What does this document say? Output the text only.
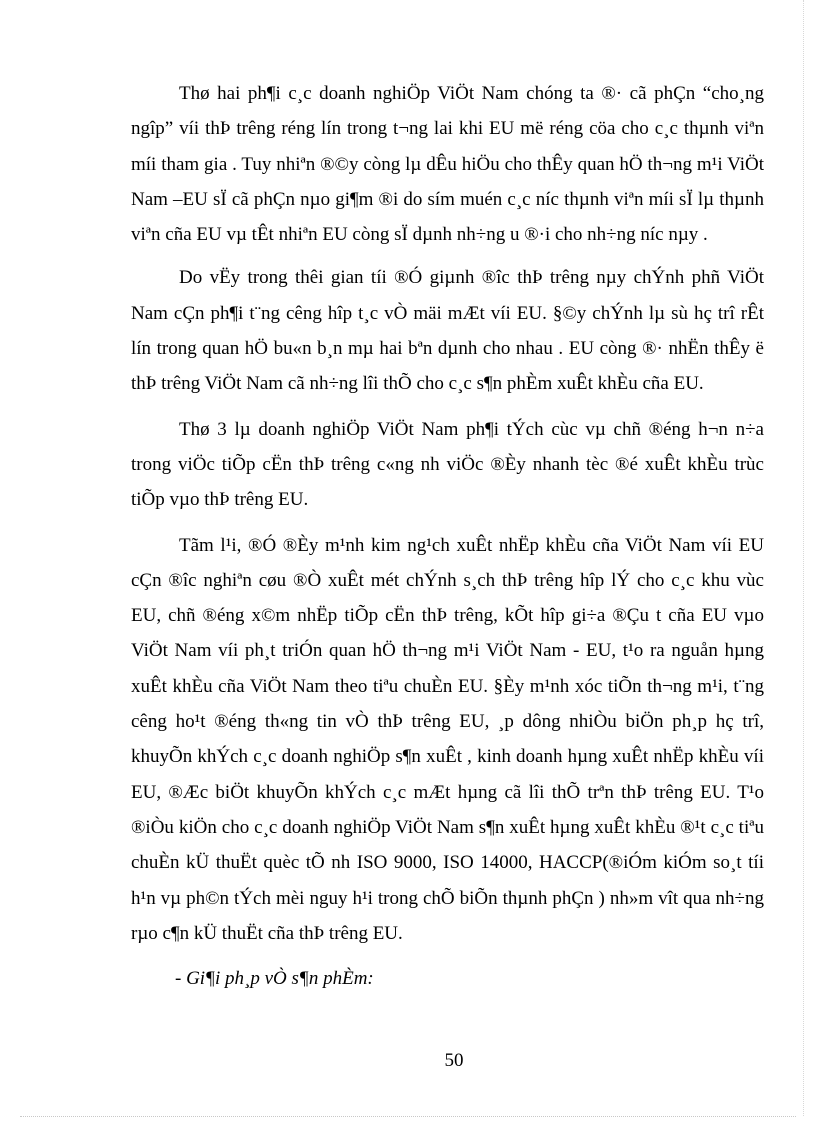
Thø hai ph¶i c¸c doanh nghiÖp ViÖt Nam chóng ta ®· cã phÇn “cho¸ng ngîp” víi thÞ trêng réng lín trong t¬ng lai khi EU më réng cöa cho c¸c thµnh viªn míi tham gia . Tuy nhiªn ®©y còng lµ dÊu hiÖu cho thÊy quan hÖ th¬ng m¹i ViÖt Nam –EU sÏ cã phÇn nµo gi¶m ®i do sím muén c¸c níc thµnh viªn míi sÏ lµ thµnh viªn cña EU vµ tÊt nhiªn EU còng sÏ dµnh nh÷ng u ®·i cho nh÷ng níc nµy .

Do vËy trong thêi gian tíi ®Ó giµnh ®îc thÞ trêng nµy chÝnh phñ ViÖt Nam cÇn ph¶i t¨ng cêng hîp t¸c vÒ mäi mÆt víi EU. §©y chÝnh lµ sù hç trî rÊt lín trong quan hÖ bu«n b¸n mµ hai bªn dµnh cho nhau . EU còng ®· nhËn thÊy ë thÞ trêng ViÖt Nam cã nh÷ng lîi thÕ cho c¸c s¶n phÈm xuÊt khÈu cña EU.

Thø 3 lµ doanh nghiÖp ViÖt Nam ph¶i tÝch cùc vµ chñ ®éng h¬n n÷a trong viÖc tiÕp cËn thÞ trêng c«ng nh viÖc ®Èy nhanh tèc ®é xuÊt khÈu trùc tiÕp vµo thÞ trêng EU.

Tãm l¹i, ®Ó ®Èy m¹nh kim ng¹ch xuÊt nhËp khÈu cña ViÖt Nam víi EU cÇn ®îc nghiªn cøu ®Ò xuÊt mét chÝnh s¸ch thÞ trêng hîp lÝ cho c¸c khu vùc EU, chñ ®éng x©m nhËp tiÕp cËn thÞ trêng, kÕt hîp gi÷a ®Çu t cña EU vµo ViÖt Nam víi ph¸t triÓn quan hÖ th¬ng m¹i ViÖt Nam - EU, t¹o ra nguån hµng xuÊt khÈu cña ViÖt Nam theo tiªu chuÈn EU. §Èy m¹nh xóc tiÕn th¬ng m¹i, t¨ng cêng ho¹t ®éng th«ng tin vÒ thÞ trêng EU, ¸p dông nhiÒu biÖn ph¸p hç trî, khuyÕn khÝch c¸c doanh nghiÖp s¶n xuÊt , kinh doanh hµng xuÊt nhËp khÈu víi EU, ®Æc biÖt khuyÕn khÝch c¸c mÆt hµng cã lîi thÕ trªn thÞ trêng EU. T¹o ®iÒu kiÖn cho c¸c doanh nghiÖp ViÖt Nam s¶n xuÊt hµng xuÊt khÈu ®¹t c¸c tiªu chuÈn kÜ thuËt quèc tÕ nh ISO 9000, ISO 14000, HACCP(®iÓm kiÓm so¸t tíi h¹n vµ ph©n tÝch mèi nguy h¹i trong chÕ biÕn thµnh phÇn ) nh»m vît qua nh÷ng rµo c¶n kÜ thuËt cña thÞ trêng EU.

- Gi¶i ph¸p vÒ s¶n phÈm:

50
